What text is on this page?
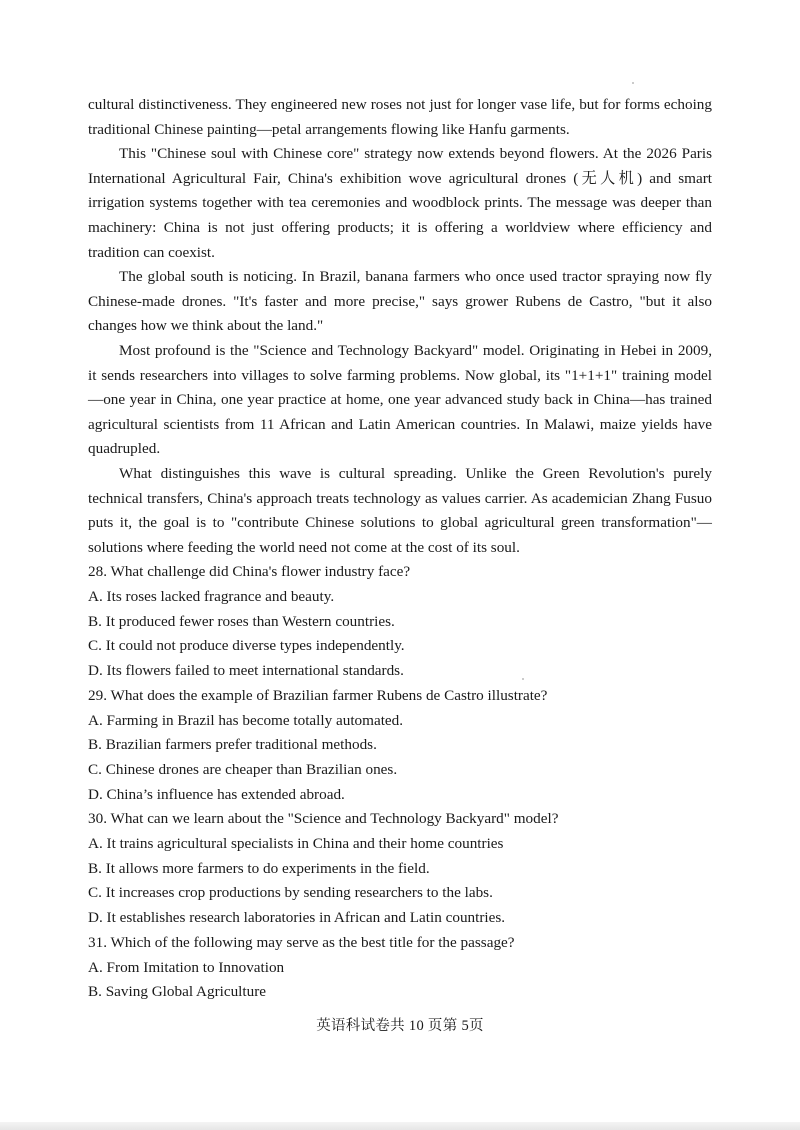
cultural distinctiveness. They engineered new roses not just for longer vase life, but for forms echoing traditional Chinese painting—petal arrangements flowing like Hanfu garments.

This "Chinese soul with Chinese core" strategy now extends beyond flowers. At the 2026 Paris International Agricultural Fair, China's exhibition wove agricultural drones (无人机) and smart irrigation systems together with tea ceremonies and woodblock prints. The message was deeper than machinery: China is not just offering products; it is offering a worldview where efficiency and tradition can coexist.

The global south is noticing. In Brazil, banana farmers who once used tractor spraying now fly Chinese-made drones. "It's faster and more precise," says grower Rubens de Castro, "but it also changes how we think about the land."

Most profound is the "Science and Technology Backyard" model. Originating in Hebei in 2009, it sends researchers into villages to solve farming problems. Now global, its "1+1+1" training model—one year in China, one year practice at home, one year advanced study back in China—has trained agricultural scientists from 11 African and Latin American countries. In Malawi, maize yields have quadrupled.

What distinguishes this wave is cultural spreading. Unlike the Green Revolution's purely technical transfers, China's approach treats technology as values carrier. As academician Zhang Fusuo puts it, the goal is to "contribute Chinese solutions to global agricultural green transformation"—solutions where feeding the world need not come at the cost of its soul.

28. What challenge did China's flower industry face?

A. Its roses lacked fragrance and beauty.

B. It produced fewer roses than Western countries.

C. It could not produce diverse types independently.

D. Its flowers failed to meet international standards.

29. What does the example of Brazilian farmer Rubens de Castro illustrate?

A. Farming in Brazil has become totally automated.

B. Brazilian farmers prefer traditional methods.

C. Chinese drones are cheaper than Brazilian ones.

D. China’s influence has extended abroad.

30. What can we learn about the "Science and Technology Backyard" model?

A. It trains agricultural specialists in China and their home countries

B. It allows more farmers to do experiments in the field.

C. It increases crop productions by sending researchers to the labs.

D. It establishes research laboratories in African and Latin countries.

31. Which of the following may serve as the best title for the passage?

A. From Imitation to Innovation

B. Saving Global Agriculture

英语科试卷共 10 页第 5页
